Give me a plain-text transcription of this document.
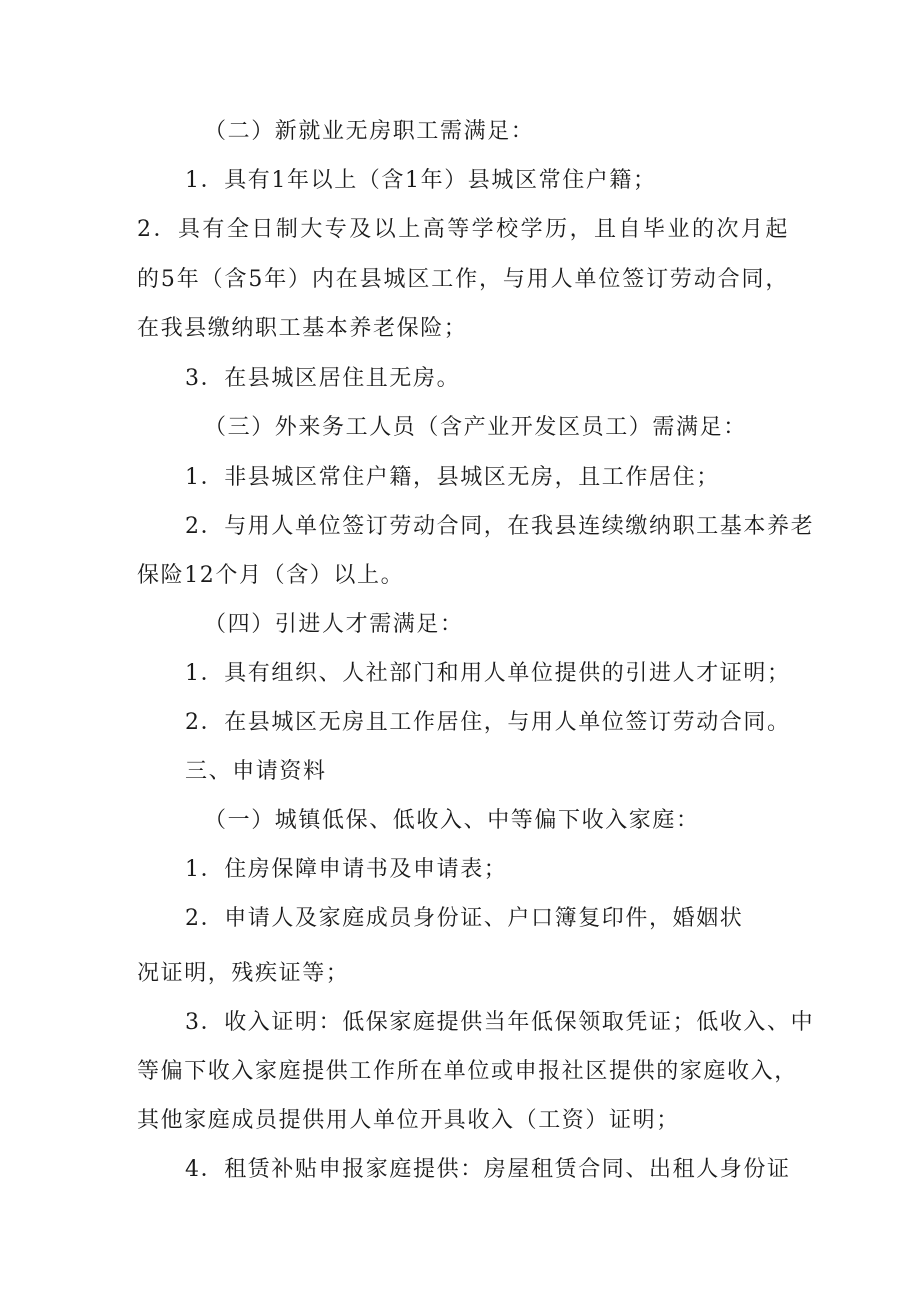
（二）新就业无房职工需满足：
1．具有1年以上（含1年）县城区常住户籍；
2．具有全日制大专及以上高等学校学历，且自毕业的次月起
的5年（含5年）内在县城区工作，与用人单位签订劳动合同，
在我县缴纳职工基本养老保险；
3．在县城区居住且无房。
（三）外来务工人员（含产业开发区员工）需满足：
1．非县城区常住户籍，县城区无房，且工作居住；
2．与用人单位签订劳动合同，在我县连续缴纳职工基本养老
保险12个月（含）以上。
（四）引进人才需满足：
1．具有组织、人社部门和用人单位提供的引进人才证明；
2．在县城区无房且工作居住，与用人单位签订劳动合同。
三、申请资料
（一）城镇低保、低收入、中等偏下收入家庭：
1．住房保障申请书及申请表；
2．申请人及家庭成员身份证、户口簿复印件，婚姻状
况证明，残疾证等；
3．收入证明：低保家庭提供当年低保领取凭证；低收入、中
等偏下收入家庭提供工作所在单位或申报社区提供的家庭收入，
其他家庭成员提供用人单位开具收入（工资）证明；
4．租赁补贴申报家庭提供：房屋租赁合同、出租人身份证
